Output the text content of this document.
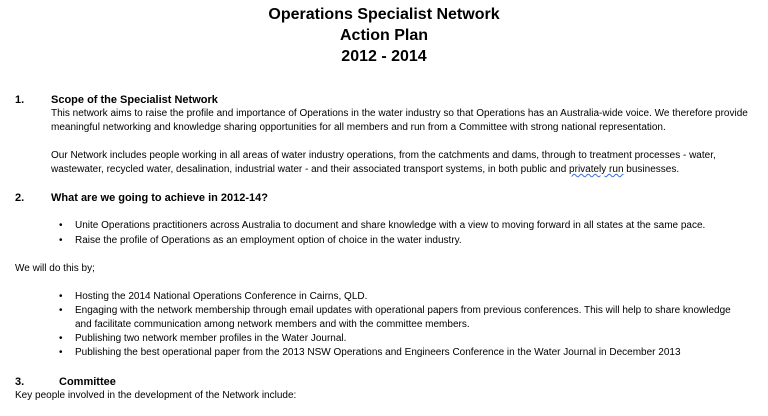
Operations Specialist Network
Action Plan
2012 - 2014
1. Scope of the Specialist Network
This network aims to raise the profile and importance of Operations in the water industry so that Operations has an Australia-wide voice. We therefore provide meaningful networking and knowledge sharing opportunities for all members and run from a Committee with strong national representation.
Our Network includes people working in all areas of water industry operations, from the catchments and dams, through to treatment processes - water, wastewater, recycled water, desalination, industrial water - and their associated transport systems, in both public and privately run businesses.
2. What are we going to achieve in 2012-14?
• Unite Operations practitioners across Australia to document and share knowledge with a view to moving forward in all states at the same pace.
• Raise the profile of Operations as an employment option of choice in the water industry.
We will do this by;
• Hosting the 2014 National Operations Conference in Cairns, QLD.
• Engaging with the network membership through email updates with operational papers from previous conferences. This will help to share knowledge and facilitate communication among network members and with the committee members.
• Publishing two network member profiles in the Water Journal.
• Publishing the best operational paper from the 2013 NSW Operations and Engineers Conference in the Water Journal in December 2013
3.	Committee
Key people involved in the development of the Network include:
